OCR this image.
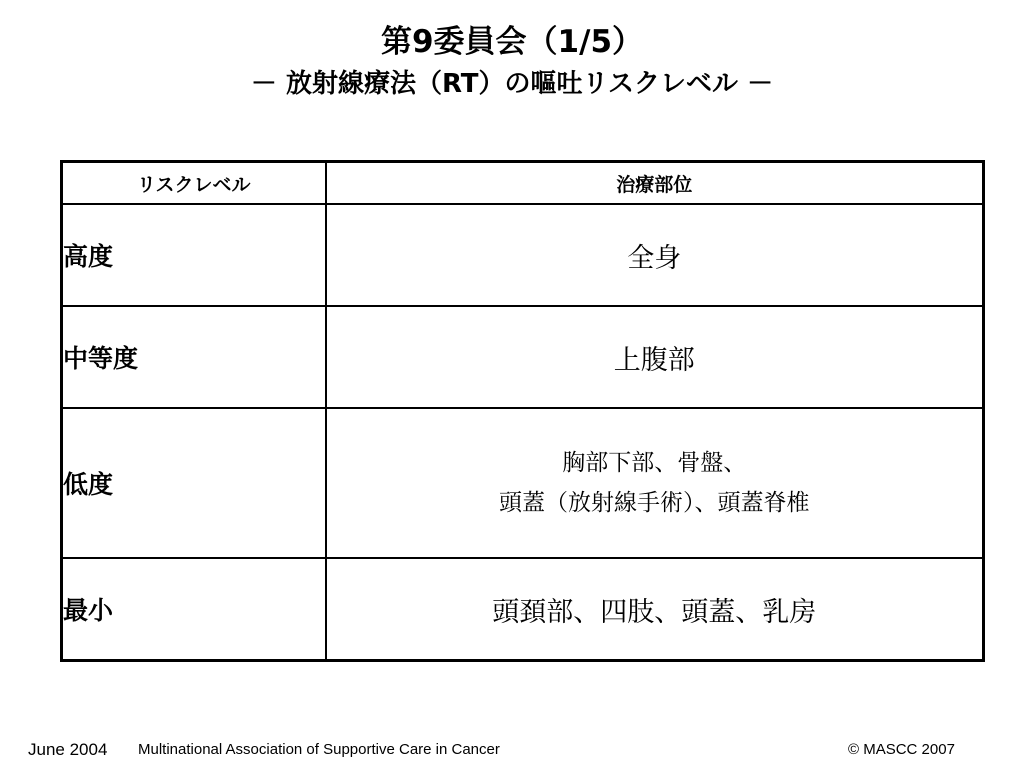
第9委員会（1/5）
－ 放射線療法（RT）の嘔吐リスクレベル －
リスクレベル	治療部位
高度	全身

中等度	上腹部

低度	胸部下部、骨盤、
頭蓋（放射線手術）、頭蓋脊椎

最小	頭頚部、四肢、頭蓋、乳房
June 2004 Multinational Association of Supportive Care in Cancer	© MASCC 2007
